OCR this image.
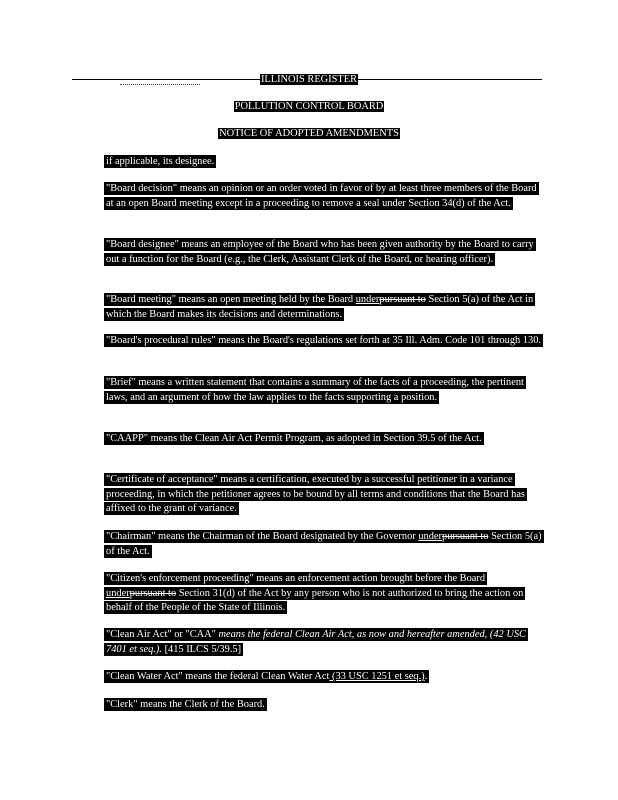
ILLINOIS REGISTER
POLLUTION CONTROL BOARD
NOTICE OF ADOPTED AMENDMENTS
if applicable, its designee.
"Board decision" means an opinion or an order voted in favor of by at least three members of the Board at an open Board meeting except in a proceeding to remove a seal under Section 34(d) of the Act.
"Board designee" means an employee of the Board who has been given authority by the Board to carry out a function for the Board (e.g., the Clerk, Assistant Clerk of the Board, or hearing officer).
"Board meeting" means an open meeting held by the Board underpursuant to Section 5(a) of the Act in which the Board makes its decisions and determinations.
"Board's procedural rules" means the Board's regulations set forth at 35 Ill. Adm. Code 101 through 130.
"Brief" means a written statement that contains a summary of the facts of a proceeding, the pertinent laws, and an argument of how the law applies to the facts supporting a position.
"CAAPP" means the Clean Air Act Permit Program, as adopted in Section 39.5 of the Act.
"Certificate of acceptance" means a certification, executed by a successful petitioner in a variance proceeding, in which the petitioner agrees to be bound by all terms and conditions that the Board has affixed to the grant of variance.
"Chairman" means the Chairman of the Board designated by the Governor underpursuant to Section 5(a) of the Act.
"Citizen's enforcement proceeding" means an enforcement action brought before the Board underpursuant to Section 31(d) of the Act by any person who is not authorized to bring the action on behalf of the People of the State of Illinois.
"Clean Air Act" or "CAA" means the federal Clean Air Act, as now and hereafter amended, (42 USC 7401 et seq.). [415 ILCS 5/39.5]
"Clean Water Act" means the federal Clean Water Act (33 USC 1251 et seq.).
"Clerk" means the Clerk of the Board.
